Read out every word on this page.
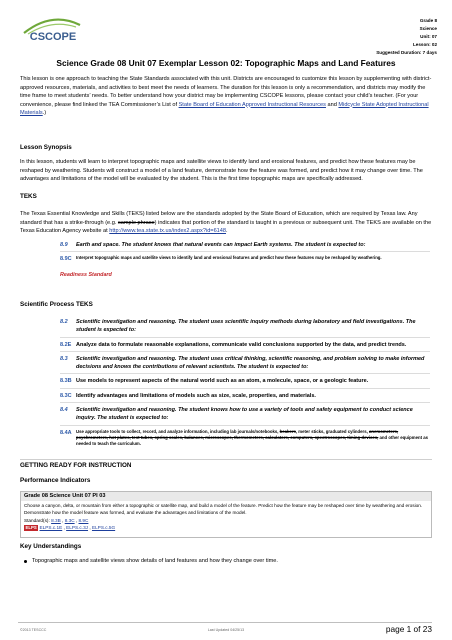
CSCOPE
Grade 8
Science
Unit: 07
Lesson: 02
Suggested Duration: 7 days
Science Grade 08 Unit 07 Exemplar Lesson 02: Topographic Maps and Land Features
This lesson is one approach to teaching the State Standards associated with this unit. Districts are encouraged to customize this lesson by supplementing with district-approved resources, materials, and activities to best meet the needs of learners. The duration for this lesson is only a recommendation, and districts may modify the time frame to meet students’ needs. To better understand how your district may be implementing CSCOPE lessons, please contact your child’s teacher. (For your convenience, please find linked the TEA Commissioner’s List of State Board of Education Approved Instructional Resources and Midcycle State Adopted Instructional Materials.)
Lesson Synopsis
In this lesson, students will learn to interpret topographic maps and satellite views to identify land and erosional features, and predict how these features may be reshaped by weathering. Students will construct a model of a land feature, demonstrate how the feature was formed, and predict how it may change over time. The advantages and limitations of the model will be evaluated by the student. This is the first time topographic maps are specifically addressed.
TEKS
The Texas Essential Knowledge and Skills (TEKS) listed below are the standards adopted by the State Board of Education, which are required by Texas law. Any standard that has a strike-through (e.g. sample phrase) indicates that portion of the standard is taught in a previous or subsequent unit. The TEKS are available on the Texas Education Agency website at http://www.tea.state.tx.us/index2.aspx?id=6148.
8.9	Earth and space. The student knows that natural events can impact Earth systems. The student is expected to:
8.9C	Interpret topographic maps and satellite views to identify land and erosional features and predict how these features may be reshaped by weathering.
Readiness Standard
Scientific Process TEKS
8.2	Scientific investigation and reasoning. The student uses scientific inquiry methods during laboratory and field investigations. The student is expected to:
8.2E Analyze data to formulate reasonable explanations, communicate valid conclusions supported by the data, and predict trends.
8.3	Scientific investigation and reasoning. The student uses critical thinking, scientific reasoning, and problem solving to make informed decisions and knows the contributions of relevant scientists. The student is expected to:
8.3B Use models to represent aspects of the natural world such as an atom, a molecule, space, or a geologic feature.
8.3C Identify advantages and limitations of models such as size, scale, properties, and materials.
8.4	Scientific investigation and reasoning. The student knows how to use a variety of tools and safety equipment to conduct science inquiry. The student is expected to:
8.4A	Use appropriate tools to collect, record, and analyze information, including lab journals/notebooks, beakers, meter sticks, graduated cylinders, anemometers, psychrometers, hot plates, test tubes, spring scales, balances, microscopes, thermometers, calculators, computers, spectroscopes, timing devices, and other equipment as needed to teach the curriculum.
GETTING READY FOR INSTRUCTION
Performance Indicators
Grade 08 Science Unit 07 PI 03
Choose a canyon, delta, or mountain from either a topographic or satellite map, and build a model of the feature. Predict how the feature may be reshaped over time by weathering and erosion. Demonstrate how the model feature was formed, and evaluate the advantages and limitations of the model.
Standard(s): 8.3B , 8.3C , 8.9C
ELPS ELPS.c.1E , ELPS.c.3J , ELPS.c.5G
Key Understandings
Topographic maps and satellite views show details of land features and how they change over time.
©2013 TESCCC	Last Updated 04/25/13	page 1 of 23
